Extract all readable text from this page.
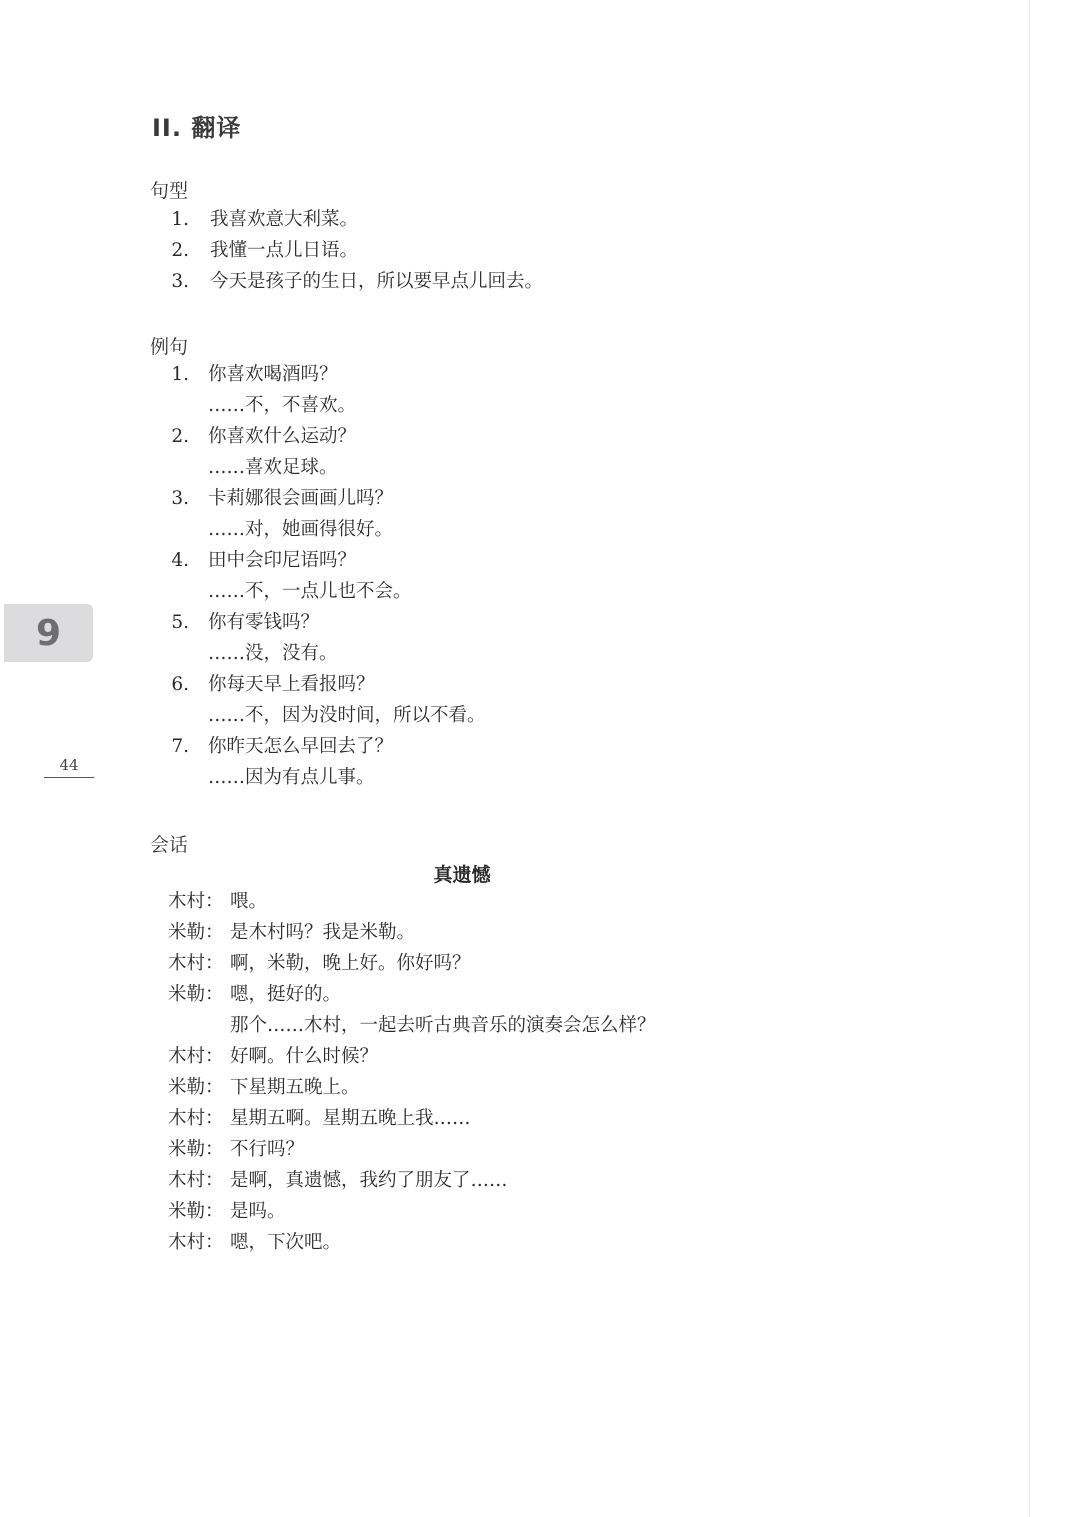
II. 翻译
句型
1. 我喜欢意大利菜。
2. 我懂一点儿日语。
3. 今天是孩子的生日，所以要早点儿回去。
例句
1. 你喜欢喝酒吗？
……不，不喜欢。
2. 你喜欢什么运动？
……喜欢足球。
3. 卡莉娜很会画画儿吗？
……对，她画得很好。
4. 田中会印尼语吗？
……不，一点儿也不会。
5. 你有零钱吗？
……没，没有。
6. 你每天早上看报吗？
……不，因为没时间，所以不看。
7. 你昨天怎么早回去了？
……因为有点儿事。
会话
真遗憾
木村： 喂。
米勒： 是木村吗？我是米勒。
木村： 啊，米勒，晚上好。你好吗？
米勒： 嗯，挺好的。
那个……木村，一起去听古典音乐的演奏会怎么样？
木村： 好啊。什么时候？
米勒： 下星期五晚上。
木村： 星期五啊。星期五晚上我……
米勒： 不行吗？
木村： 是啊，真遗憾，我约了朋友了……
米勒： 是吗。
木村： 嗯，下次吧。
9
44
